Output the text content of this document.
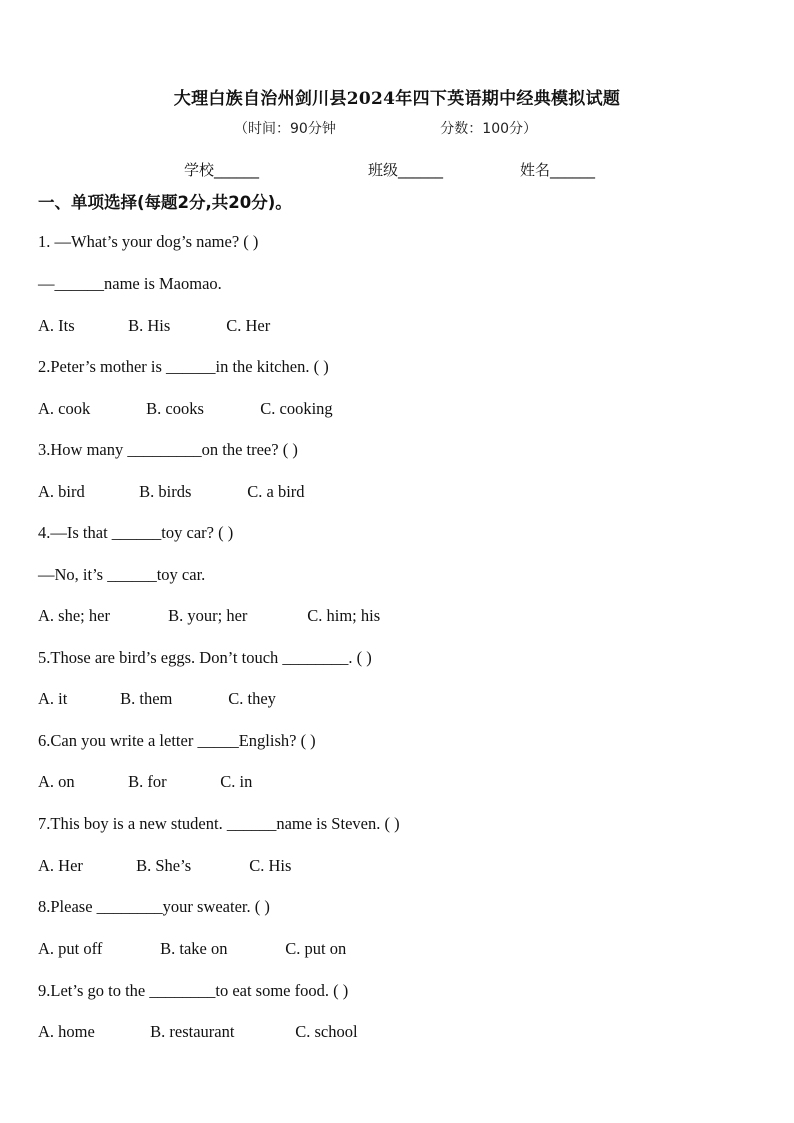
大理白族自治州剑川县2024年四下英语期中经典模拟试题
（时间：90分钟	分数：100分）
学校______	班级______	姓名______
一、单项选择(每题2分,共20分)。
1. —What’s your dog’s name? ( )
—______name is Maomao.
A. Its	B. His	C. Her
2.Peter’s mother is ______in the kitchen. ( )
A. cook	B. cooks	C. cooking
3.How many _________on the tree? ( )
A. bird	B. birds	C. a bird
4.—Is that ______toy car? ( )
—No, it’s ______toy car.
A. she; her	B. your; her	C. him; his
5.Those are bird’s eggs. Don’t touch ________. ( )
A. it	B. them	C. they
6.Can you write a letter _____English? ( )
A. on	B. for	C. in
7.This boy is a new student. ______name is Steven. ( )
A. Her	B. She’s	C. His
8.Please ________your sweater. ( )
A. put off	B. take on	C. put on
9.Let’s go to the ________to eat some food. ( )
A. home	B. restaurant	C. school
